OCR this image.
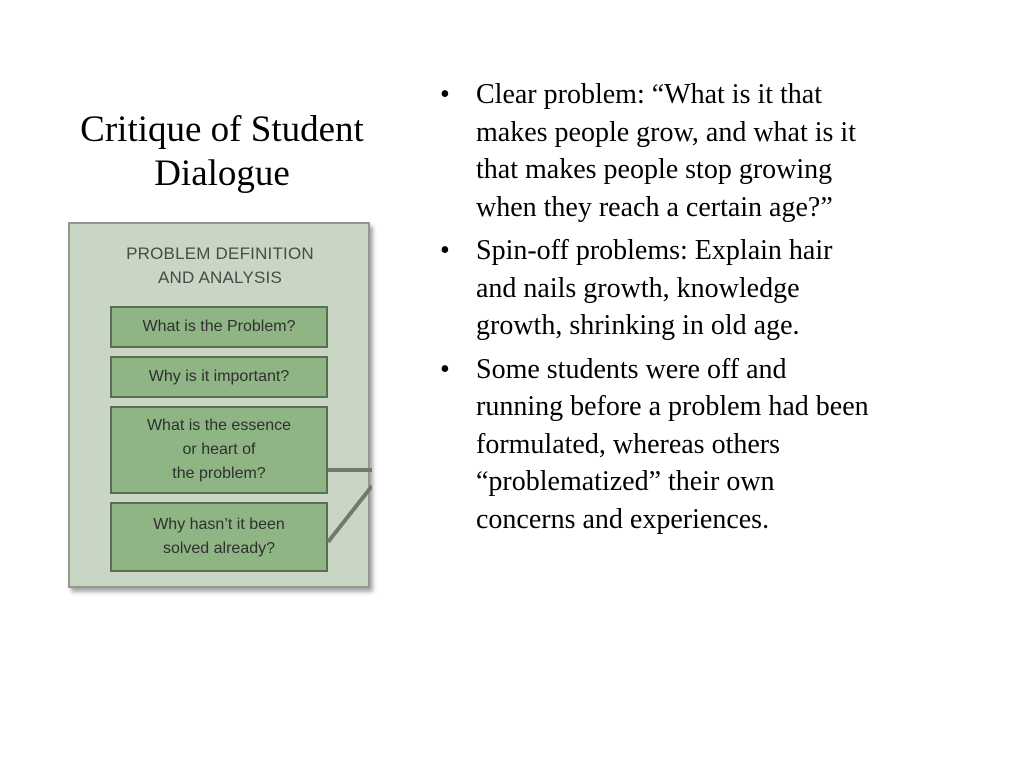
Critique of Student
Dialogue
PROBLEM DEFINITION
AND ANALYSIS
What is the Problem?
Why is it important?
What is the essence
or heart of
the problem?
Why hasn’t it been
solved already?
• Clear problem: “What is it that
makes people grow, and what is it
that makes people stop growing
when they reach a certain age?”
• Spin-off problems: Explain hair
and nails growth, knowledge
growth, shrinking in old age.
• Some students were off and
running before a problem had been
formulated, whereas others
“problematized” their own
concerns and experiences.
